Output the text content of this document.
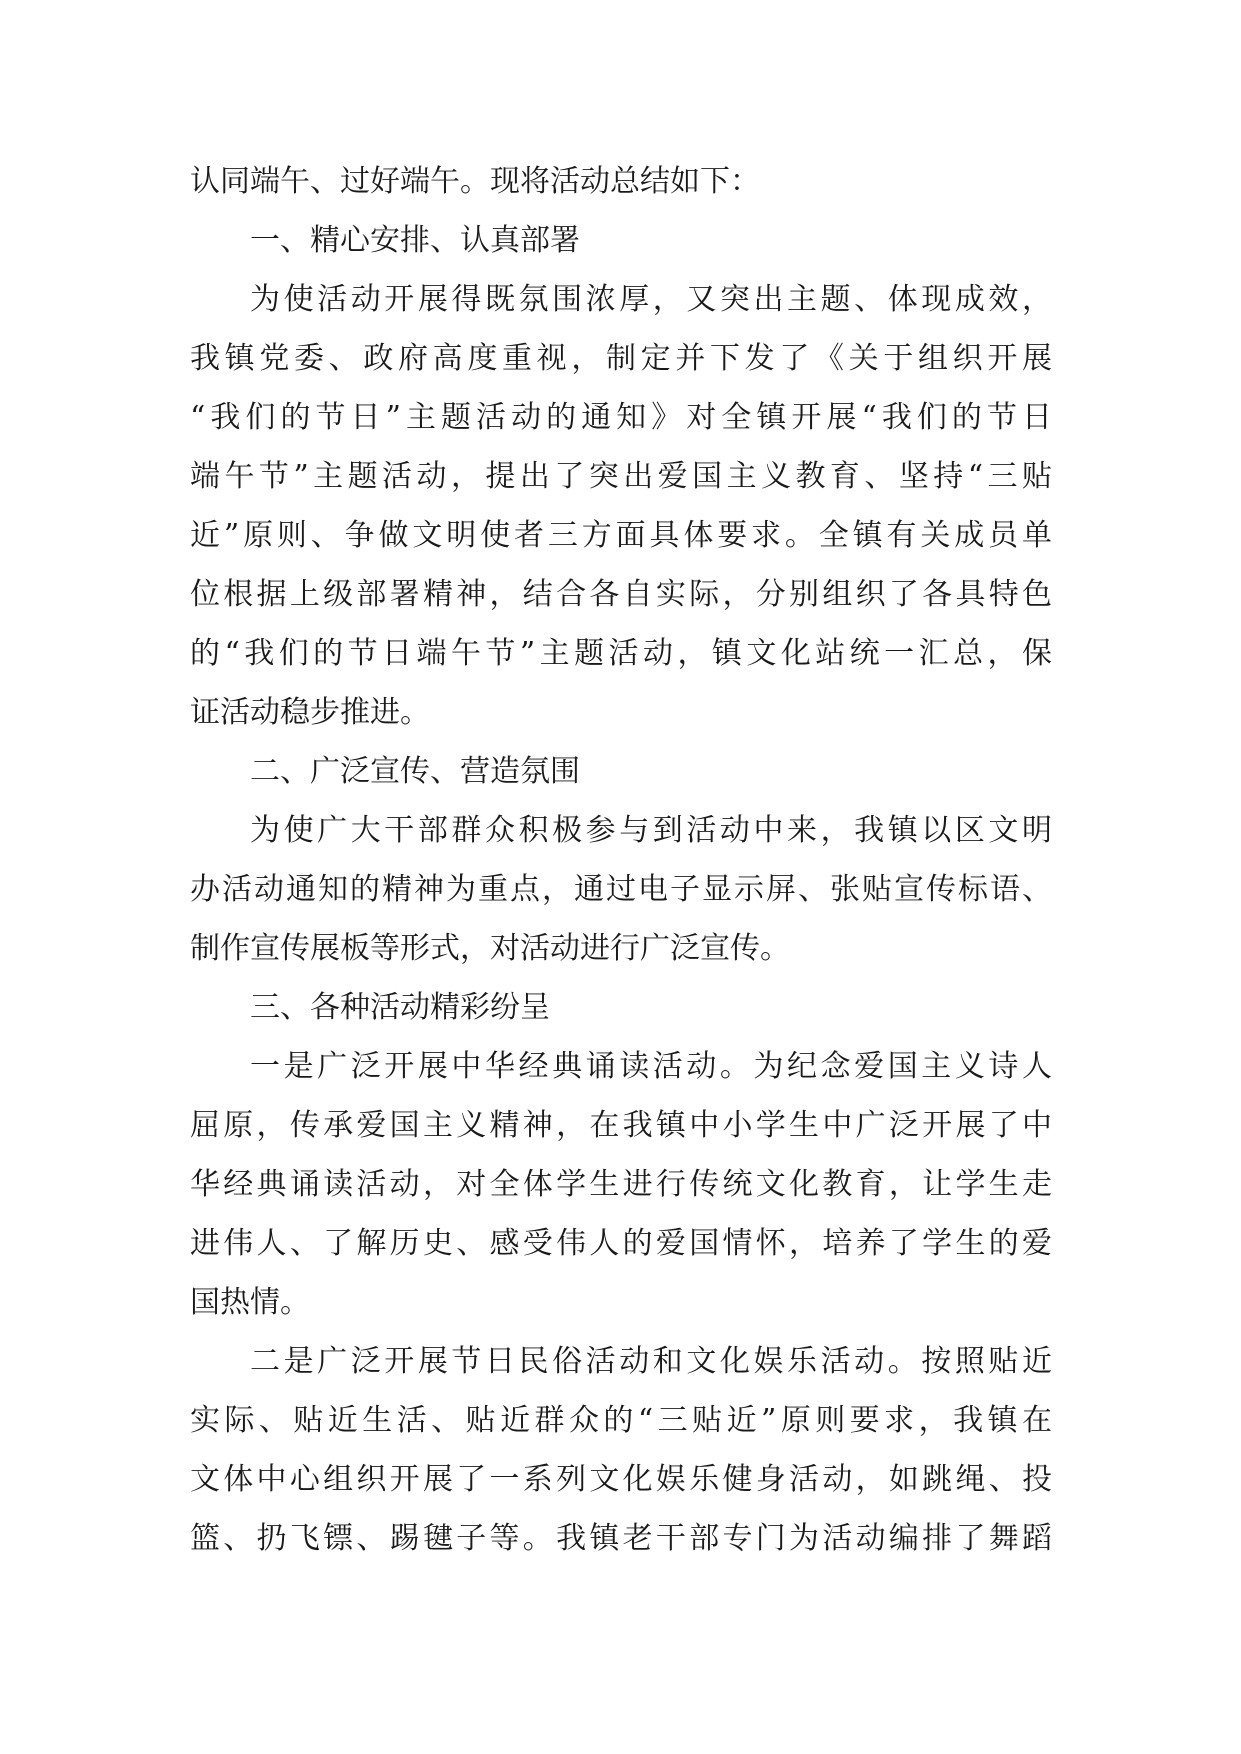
认同端午、过好端午。现将活动总结如下：
一、精心安排、认真部署
为使活动开展得既氛围浓厚，又突出主题、体现成效，
我镇党委、政府高度重视，制定并下发了《关于组织开展
“我们的节日”主题活动的通知》对全镇开展“我们的节日
端午节”主题活动，提出了突出爱国主义教育、坚持“三贴
近”原则、争做文明使者三方面具体要求。全镇有关成员单
位根据上级部署精神，结合各自实际，分别组织了各具特色
的“我们的节日端午节”主题活动，镇文化站统一汇总，保
证活动稳步推进。
二、广泛宣传、营造氛围
为使广大干部群众积极参与到活动中来，我镇以区文明
办活动通知的精神为重点，通过电子显示屏、张贴宣传标语、
制作宣传展板等形式，对活动进行广泛宣传。
三、各种活动精彩纷呈
一是广泛开展中华经典诵读活动。为纪念爱国主义诗人
屈原，传承爱国主义精神，在我镇中小学生中广泛开展了中
华经典诵读活动，对全体学生进行传统文化教育，让学生走
进伟人、了解历史、感受伟人的爱国情怀，培养了学生的爱
国热情。
二是广泛开展节日民俗活动和文化娱乐活动。按照贴近
实际、贴近生活、贴近群众的“三贴近”原则要求，我镇在
文体中心组织开展了一系列文化娱乐健身活动，如跳绳、投
篮、扔飞镖、踢毽子等。我镇老干部专门为活动编排了舞蹈
